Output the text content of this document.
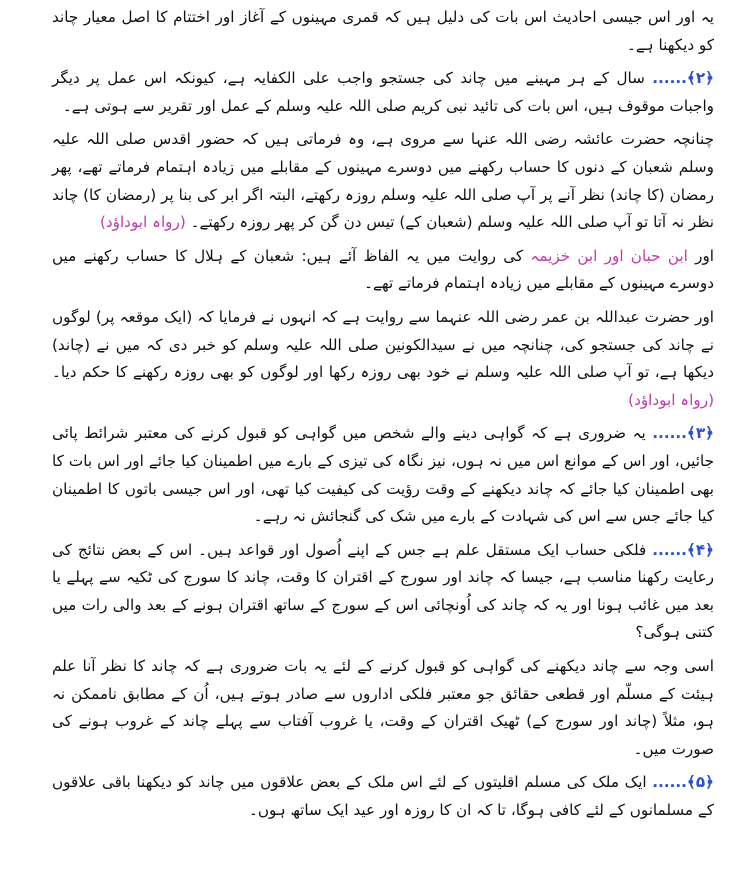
یہ اور اس جیسی احادیث اس بات کی دلیل ہیں کہ قمری مہینوں کے آغاز اور اختتام کا اصل معیار چاند کو دیکھنا ہے۔

﴿۲﴾...... سال کے ہر مہینے میں چاند کی جستجو واجب علی الکفایہ ہے، کیونکہ اس عمل پر دیگر واجبات موقوف ہیں، اس بات کی تائید نبی کریم صلی اللہ علیہ وسلم کے عمل اور تقریر سے ہوتی ہے۔

چنانچہ حضرت عائشہ رضی اللہ عنہا سے مروی ہے، وہ فرماتی ہیں کہ حضور اقدس صلی اللہ علیہ وسلم شعبان کے دنوں کا حساب رکھنے میں دوسرے مہینوں کے مقابلے میں زیادہ اہتمام فرماتے تھے، پھر رمضان (کا چاند) نظر آنے پر آپ صلی اللہ علیہ وسلم روزہ رکھتے، البتہ اگر ابر کی بنا پر (رمضان کا) چاند نظر نہ آتا تو آپ صلی اللہ علیہ وسلم (شعبان کے) تیس دن گن کر پھر روزہ رکھتے۔ (رواہ ابوداؤد)

اور ابن حبان اور ابن خزیمہ کی روایت میں یہ الفاظ آئے ہیں: شعبان کے ہلال کا حساب رکھنے میں دوسرے مہینوں کے مقابلے میں زیادہ اہتمام فرماتے تھے۔

اور حضرت عبداللہ بن عمر رضی اللہ عنہما سے روایت ہے کہ انہوں نے فرمایا کہ (ایک موقعہ پر) لوگوں نے چاند کی جستجو کی، چنانچہ میں نے سیدالکونین صلی اللہ علیہ وسلم کو خبر دی کہ میں نے (چاند) دیکھا ہے، تو آپ صلی اللہ علیہ وسلم نے خود بھی روزہ رکھا اور لوگوں کو بھی روزہ رکھنے کا حکم دیا۔ (رواہ ابوداؤد)

﴿۳﴾...... یہ ضروری ہے کہ گواہی دینے والے شخص میں گواہی کو قبول کرنے کی معتبر شرائط پائی جائیں، اور اس کے موانع اس میں نہ ہوں، نیز نگاہ کی تیزی کے بارے میں اطمینان کیا جائے اور اس بات کا بھی اطمینان کیا جائے کہ چاند دیکھنے کے وقت رؤیت کی کیفیت کیا تھی، اور اس جیسی باتوں کا اطمینان کیا جائے جس سے اس کی شہادت کے بارے میں شک کی گنجائش نہ رہے۔

﴿۴﴾...... فلکی حساب ایک مستقل علم ہے جس کے اپنے اُصول اور قواعد ہیں۔ اس کے بعض نتائج کی رعایت رکھنا مناسب ہے، جیسا کہ چاند اور سورج کے اقتران کا وقت، چاند کا سورج کی ٹکیہ سے پہلے یا بعد میں غائب ہونا اور یہ کہ چاند کی اُونچائی اس کے سورج کے ساتھ اقتران ہونے کے بعد والی رات میں کتنی ہوگی؟

اسی وجہ سے چاند دیکھنے کی گواہی کو قبول کرنے کے لئے یہ بات ضروری ہے کہ چاند کا نظر آنا علم ہیئت کے مسلّم اور قطعی حقائق جو معتبر فلکی اداروں سے صادر ہوتے ہیں، اُن کے مطابق ناممکن نہ ہو، مثلاً (چاند اور سورج کے) ٹھیک اقتران کے وقت، یا غروب آفتاب سے پہلے چاند کے غروب ہونے کی صورت میں۔

﴿۵﴾...... ایک ملک کی مسلم اقلیتوں کے لئے اس ملک کے بعض علاقوں میں چاند کو دیکھنا باقی علاقوں کے مسلمانوں کے لئے کافی ہوگا، تا کہ ان کا روزہ اور عید ایک ساتھ ہوں۔
